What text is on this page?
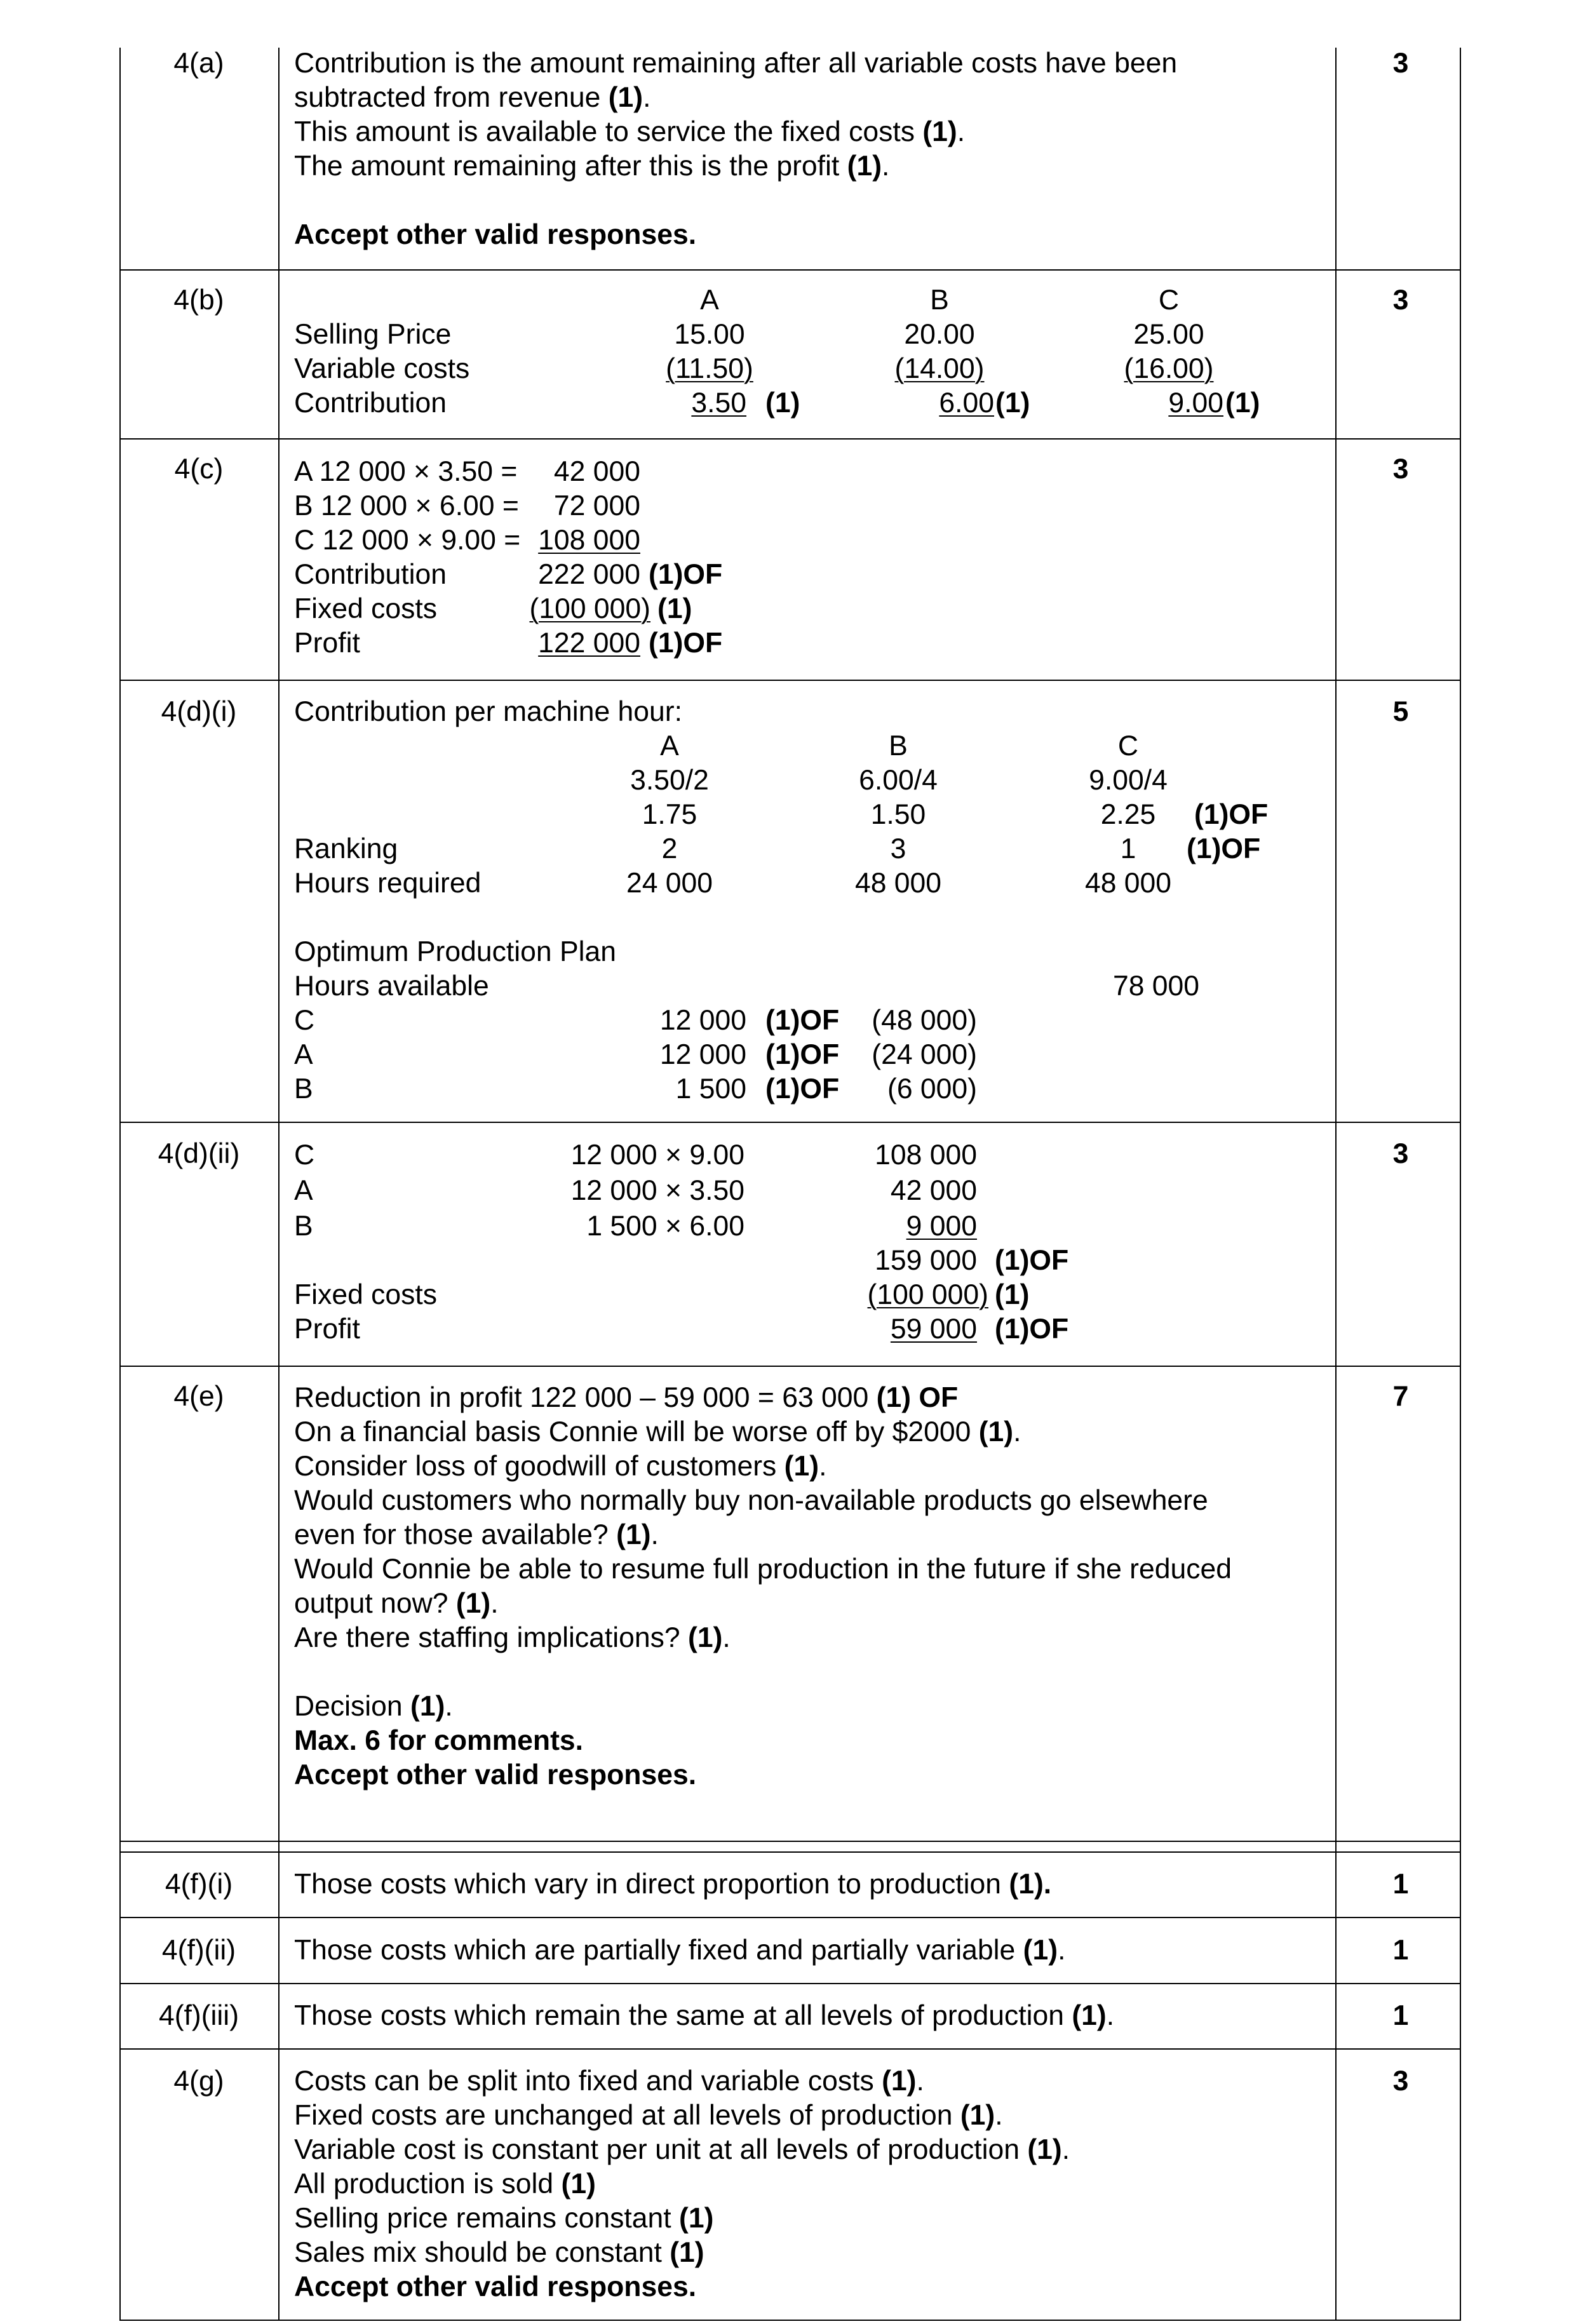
4(a)	3
Contribution is the amount remaining after all variable costs have been
subtracted from revenue (1).
This amount is available to service the fixed costs (1).
The amount remaining after this is the profit (1).
Accept other valid responses.
4(b)	3
A	B	C
Selling Price	15.00	20.00	25.00
Variable costs	(11.50)	(14.00)	(16.00)
Contribution	3.50 (1)	6.00 (1)	9.00 (1)
4(c)	3
A 12 000 × 3.50 = 42 000
B 12 000 × 6.00 = 72 000
C 12 000 × 9.00 = 108 000
Contribution	222 000 (1)OF
Fixed costs	(100 000) (1)
Profit	122 000 (1)OF
4(d)(i)	5
Contribution per machine hour:
A	B	C
3.50/2	6.00/4	9.00/4
1.75	1.50	2.25 (1)OF
Ranking	2	3	1 (1)OF
Hours required	24 000	48 000	48 000
Optimum Production Plan
Hours available	78 000
C	12 000 (1)OF (48 000)
A	12 000 (1)OF (24 000)
B	1 500 (1)OF (6 000)
4(d)(ii)	3
C	12 000 × 9.00	108 000
A	12 000 × 3.50	42 000
B	1 500 × 6.00	9 000
159 000 (1)OF
Fixed costs	(100 000) (1)
Profit	59 000 (1)OF
4(e)	7
Reduction in profit 122 000 – 59 000 = 63 000 (1) OF
On a financial basis Connie will be worse off by $2000 (1).
Consider loss of goodwill of customers (1).
Would customers who normally buy non-available products go elsewhere
even for those available? (1).
Would Connie be able to resume full production in the future if she reduced
output now? (1).
Are there staffing implications? (1).
Decision (1).
Max. 6 for comments.
Accept other valid responses.
4(f)(i)	1
Those costs which vary in direct proportion to production (1).
4(f)(ii)	1
Those costs which are partially fixed and partially variable (1).
4(f)(iii)	1
Those costs which remain the same at all levels of production (1).
4(g)	3
Costs can be split into fixed and variable costs (1).
Fixed costs are unchanged at all levels of production (1).
Variable cost is constant per unit at all levels of production (1).
All production is sold (1)
Selling price remains constant (1)
Sales mix should be constant (1)
Accept other valid responses.
